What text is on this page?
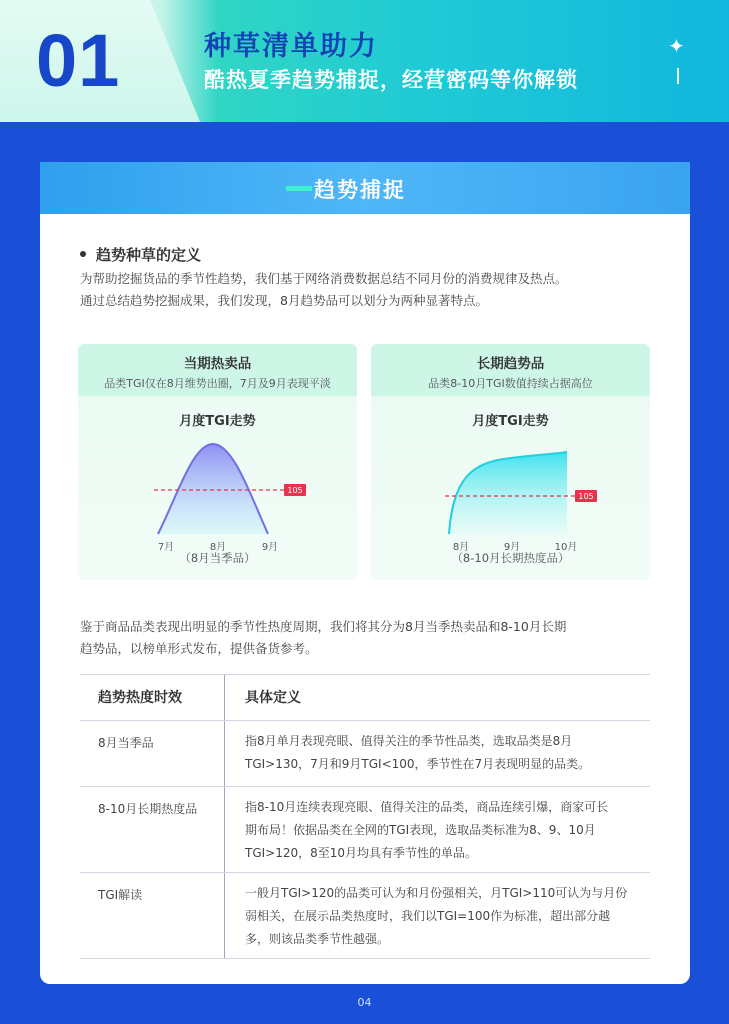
01	种草清单助力
酷热夏季趋势捕捉，经营密码等你解锁
✦
趋势捕捉
趋势种草的定义
为帮助挖掘货品的季节性趋势，我们基于网络消费数据总结不同月份的消费规律及热点。
通过总结趋势挖掘成果，我们发现，8月趋势品可以划分为两种显著特点。
当期热卖品
品类TGI仅在8月维势出圈，7月及9月表现平淡
月度TGI走势
105
7月	8月	9月
（8月当季品）
长期趋势品
品类8-10月TGI数值持续占据高位
月度TGI走势
105
8月	9月	10月
（8-10月长期热度品）
鉴于商品品类表现出明显的季节性热度周期，我们将其分为8月当季热卖品和8-10月长期
趋势品，以榜单形式发布，提供备货参考。
趋势热度时效	具体定义
8月当季品	指8月单月表现亮眼、值得关注的季节性品类，选取品类是8月
TGI>130，7月和9月TGI<100，季节性在7月表现明显的品类。
8-10月长期热度品	指8-10月连续表现亮眼、值得关注的品类，商品连续引爆，商家可长
期布局！依据品类在全网的TGI表现，选取品类标准为8、9、10月
TGI>120，8至10月均具有季节性的单品。
TGI解读	一般月TGI>120的品类可认为和月份强相关，月TGI>110可认为与月份
弱相关，在展示品类热度时，我们以TGI=100作为标准，超出部分越
多，则该品类季节性越强。
04
